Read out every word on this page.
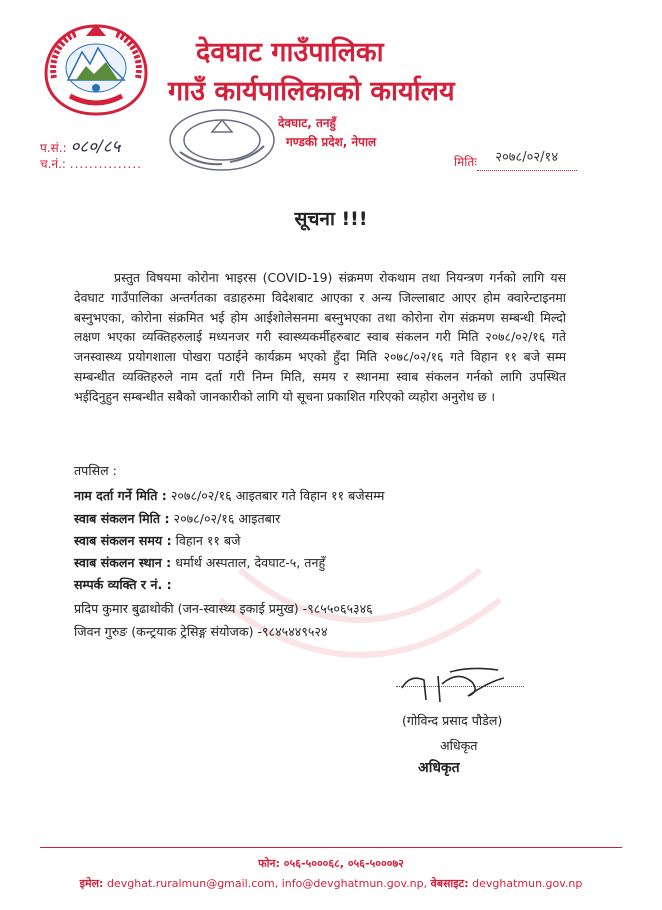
देवघाट गाउँपालिका
गाउँ कार्यपालिकाको कार्यालय
देवघाट, तनहुँ
गण्डकी प्रदेश, नेपाल
प.सं.: ०८०/८५
च.नं.: ...............	मितिः २०७८/०२/१४
सूचना !!!
प्रस्तुत विषयमा कोरोना भाइरस (COVID-19) संक्रमण रोकथाम तथा नियन्त्रण गर्नको लागि यस देवघाट गाउँपालिका अन्तर्गतका वडाहरुमा विदेशबाट आएका र अन्य जिल्लाबाट आएर होम क्वारेन्टाइनमा बस्नुभएका, कोरोना संक्रमित भई होम आईशोलेसनमा बस्नुभएका तथा कोरोना रोग संक्रमण सम्बन्धी मिल्दो लक्षण भएका व्यक्तिहरुलाई मध्यनजर गरी स्वास्थ्यकर्मीहरुबाट स्वाब संकलन गरी मिति २०७८/०२/१६ गते जनस्वास्थ्य प्रयोगशाला पोखरा पठाईने कार्यक्रम भएको हुँदा मिति २०७८/०२/१६ गते विहान ११ बजे सम्म सम्बन्धीत व्यक्तिहरुले नाम दर्ता गरी निम्न मिति, समय र स्थानमा स्वाब संकलन गर्नको लागि उपस्थित भईदिनुहुन सम्बन्धीत सबैको जानकारीको लागि यो सूचना प्रकाशित गरिएको व्यहोरा अनुरोध छ ।
तपसिल :
नाम दर्ता गर्ने मिति : २०७८/०२/१६ आइतबार गते विहान ११ बजेसम्म
स्वाब संकलन मिति : २०७८/०२/१६ आइतबार
स्वाब संकलन समय : विहान ११ बजे
स्वाब संकलन स्थान : धर्मार्थ अस्पताल, देवघाट-५, तनहुँ
सम्पर्क व्यक्ति र नं. :
प्रदिप कुमार बुढाथोकी (जन-स्वास्थ्य इकाई प्रमुख) -९८५५०६५३४६
जिवन गुरुङ (कन्ट्रयाक ट्रेसिङ्ग संयोजक) -९८४५४४९५२४
(गोविन्द प्रसाद पौडेल)
अधिकृत
अधिकृत
फोन: ०५६-५०००६८, ०५६-५०००७२
इमेल: devghat.ruralmun@gmail.com, info@devghatmun.gov.np, वेबसाइट: devghatmun.gov.np
